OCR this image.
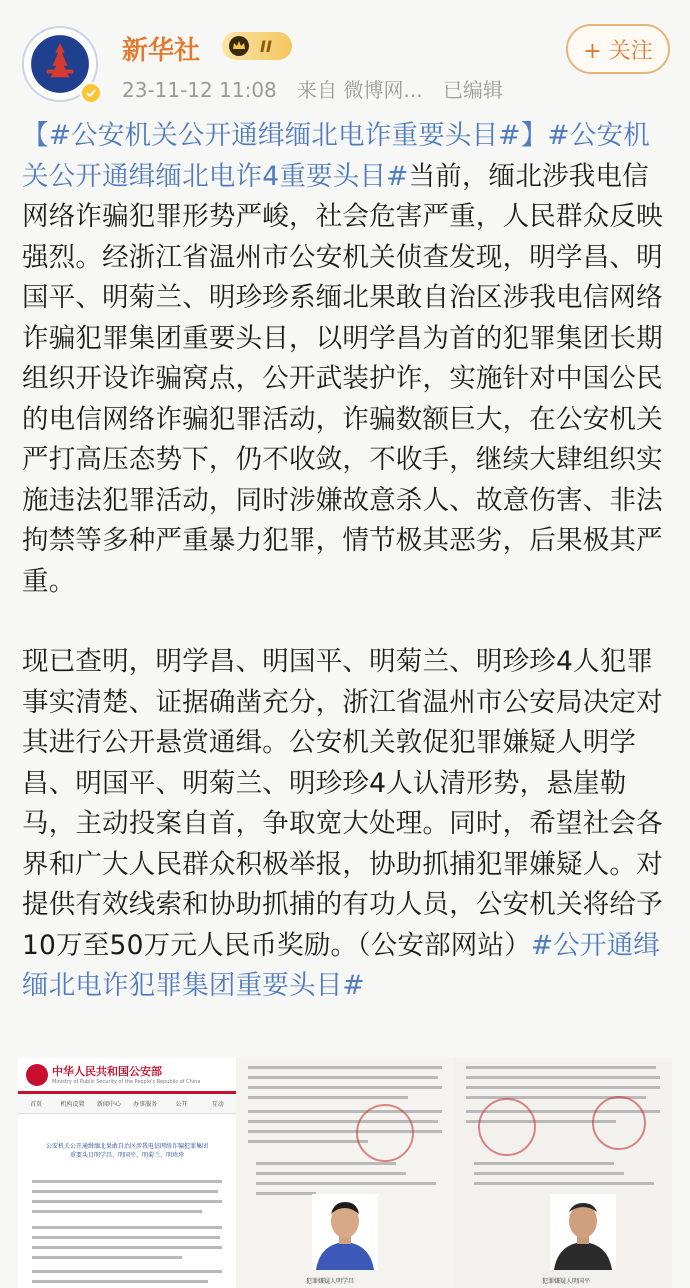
新华社	II
23-11-12 11:08 来自 微博网... 已编辑
+ 关注

【#公安机关公开通缉缅北电诈重要头目#】#公安机关公开通缉缅北电诈4重要头目#当前，缅北涉我电信网络诈骗犯罪形势严峻，社会危害严重，人民群众反映强烈。经浙江省温州市公安机关侦查发现，明学昌、明国平、明菊兰、明珍珍系缅北果敢自治区涉我电信网络诈骗犯罪集团重要头目，以明学昌为首的犯罪集团长期组织开设诈骗窝点，公开武装护诈，实施针对中国公民的电信网络诈骗犯罪活动，诈骗数额巨大，在公安机关严打高压态势下，仍不收敛，不收手，继续大肆组织实施违法犯罪活动，同时涉嫌故意杀人、故意伤害、非法拘禁等多种严重暴力犯罪，情节极其恶劣，后果极其严重。

现已查明，明学昌、明国平、明菊兰、明珍珍4人犯罪事实清楚、证据确凿充分，浙江省温州市公安局决定对其进行公开悬赏通缉。公安机关敦促犯罪嫌疑人明学昌、明国平、明菊兰、明珍珍4人认清形势，悬崖勒马，主动投案自首，争取宽大处理。同时，希望社会各界和广大人民群众积极举报，协助抓捕犯罪嫌疑人。对提供有效线索和协助抓捕的有功人员，公安机关将给予10万至50万元人民币奖励。（公安部网站）#公开通缉缅北电诈犯罪集团重要头目#

中华人民共和国公安部
Ministry of Public Security of the People's Republic of China
首页	机构设置	新闻中心	办事服务	公开	互动
公安机关公开通缉缅北果敢自治区涉我电信网络诈骗犯罪集团重要头目明学昌、明国平、明菊兰、明珍珍
犯罪嫌疑人明学昌	犯罪嫌疑人明国平
